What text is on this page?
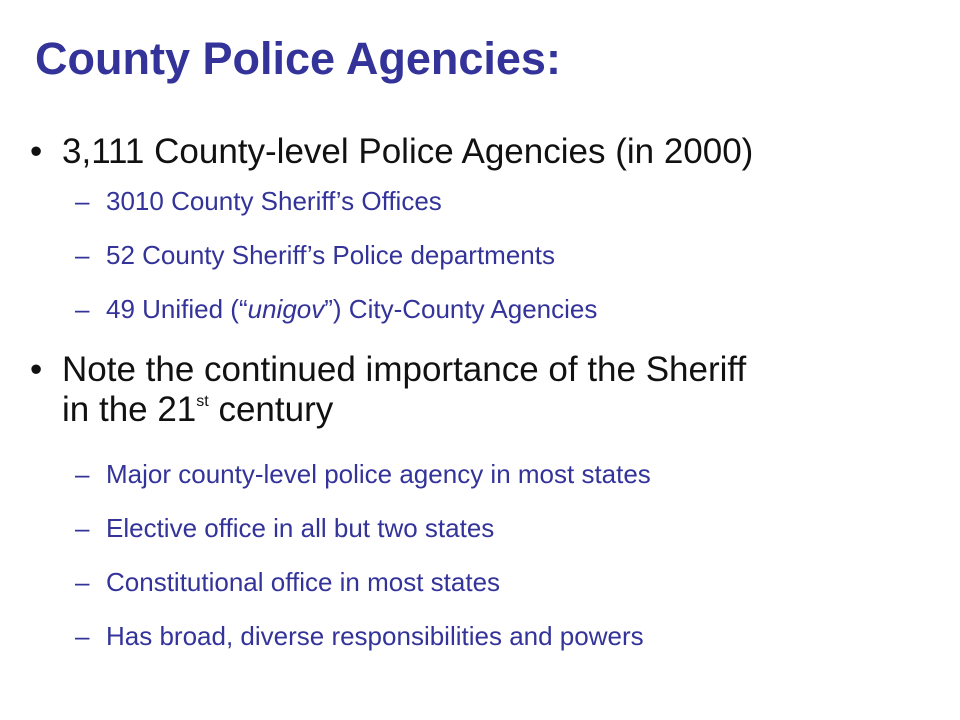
County Police Agencies:
• 3,111 County-level Police Agencies (in 2000)
– 3010 County Sheriff’s Offices
– 52 County Sheriff’s Police departments
– 49 Unified (“unigov”) City-County Agencies
• Note the continued importance of the Sheriff
in the 21st century
– Major county-level police agency in most states
– Elective office in all but two states
– Constitutional office in most states
– Has broad, diverse responsibilities and powers
